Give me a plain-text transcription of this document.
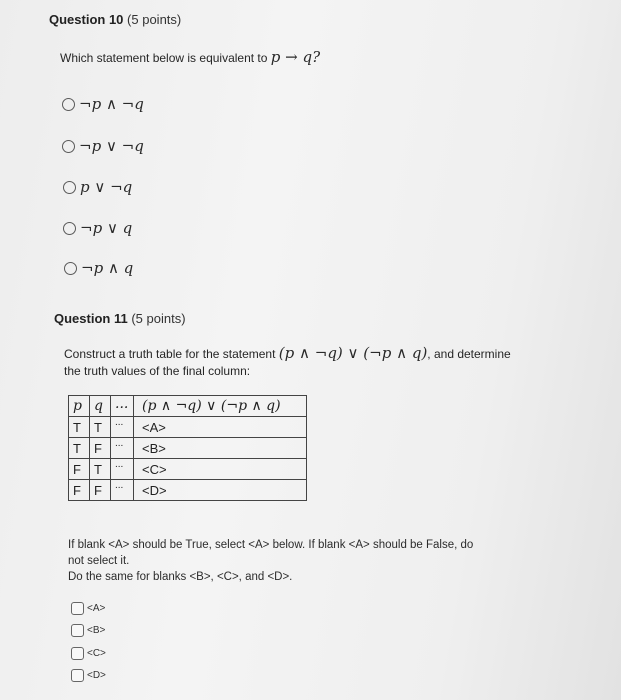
Question 10 (5 points)
Which statement below is equivalent to p → q?
¬p ∧ ¬q
¬p ∨ ¬q
p ∨ ¬q
¬p ∨ q
¬p ∧ q
Question 11 (5 points)
Construct a truth table for the statement (p ∧ ¬q) ∨ (¬p ∧ q), and determine
the truth values of the final column:
p	q	...	(p ∧ ¬q) ∨ (¬p ∧ q)
T	T	...	<A>
T	F	...	<B>
F	T	...	<C>
F	F	...	<D>
If blank <A> should be True, select <A> below. If blank <A> should be False, do
not select it.
Do the same for blanks <B>, <C>, and <D>.
<A>
<B>
<C>
<D>
